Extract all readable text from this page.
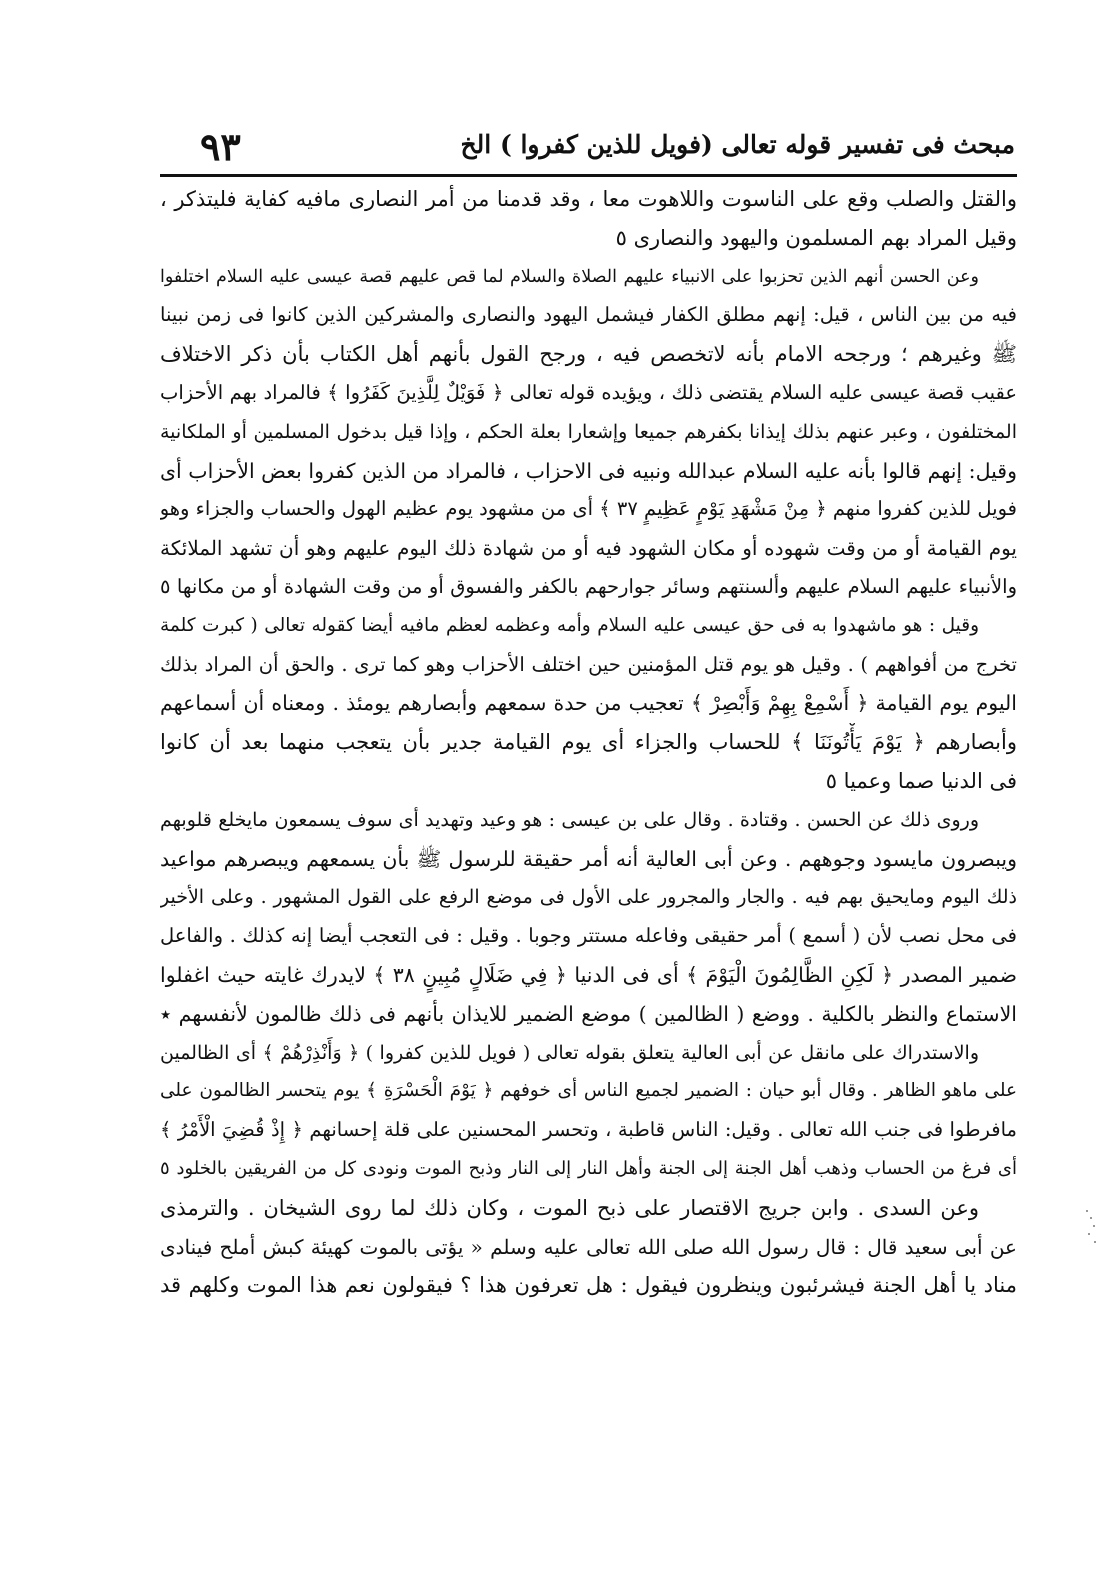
مبحث فى تفسير قوله تعالى (فويل للذين كفروا ) الخ
٩٣
والقتل والصلب وقع على الناسوت واللاهوت معا ، وقد قدمنا من أمر النصارى مافيه كفاية فليتذكر ،
وقيل المراد بهم المسلمون واليهود والنصارى ٥
وعن الحسن أنهم الذين تحزبوا على الانبياء عليهم الصلاة والسلام لما قص عليهم قصة عيسى عليه السلام اختلفوا
فيه من بين الناس ، قيل: إنهم مطلق الكفار فيشمل اليهود والنصارى والمشركين الذين كانوا فى زمن نبينا
ﷺ وغيرهم ؛ ورجحه الامام بأنه لاتخصص فيه ، ورجح القول بأنهم أهل الكتاب بأن ذكر الاختلاف
عقيب قصة عيسى عليه السلام يقتضى ذلك ، ويؤيده قوله تعالى ﴿ فَوَيْلٌ لِلَّذِينَ كَفَرُوا ﴾ فالمراد بهم الأحزاب
المختلفون ، وعبر عنهم بذلك إيذانا بكفرهم جميعا وإشعارا بعلة الحكم ، وإذا قيل بدخول المسلمين أو الملكانية
وقيل: إنهم قالوا بأنه عليه السلام عبدالله ونبيه فى الاحزاب ، فالمراد من الذين كفروا بعض الأحزاب أى
فويل للذين كفروا منهم ﴿ مِنْ مَشْهَدِ يَوْمٍ عَظِيمٍ ٣٧ ﴾ أى من مشهود يوم عظيم الهول والحساب والجزاء وهو
يوم القيامة أو من وقت شهوده أو مكان الشهود فيه أو من شهادة ذلك اليوم عليهم وهو أن تشهد الملائكة
والأنبياء عليهم السلام عليهم وألسنتهم وسائر جوارحهم بالكفر والفسوق أو من وقت الشهادة أو من مكانها ٥
وقيل : هو ماشهدوا به فى حق عيسى عليه السلام وأمه وعظمه لعظم مافيه أيضا كقوله تعالى ( كبرت كلمة
تخرج من أفواههم ) . وقيل هو يوم قتل المؤمنين حين اختلف الأحزاب وهو كما ترى . والحق أن المراد بذلك
اليوم يوم القيامة ﴿ أَسْمِعْ بِهِمْ وَأَبْصِرْ ﴾ تعجيب من حدة سمعهم وأبصارهم يومئذ . ومعناه أن أسماعهم
وأبصارهم ﴿ يَوْمَ يَأْتُونَنَا ﴾ للحساب والجزاء أى يوم القيامة جدير بأن يتعجب منهما بعد أن كانوا
فى الدنيا صما وعميا ٥
وروى ذلك عن الحسن . وقتادة . وقال على بن عيسى : هو وعيد وتهديد أى سوف يسمعون مايخلع قلوبهم
ويبصرون مايسود وجوههم . وعن أبى العالية أنه أمر حقيقة للرسول ﷺ بأن يسمعهم ويبصرهم مواعيد
ذلك اليوم ومايحيق بهم فيه . والجار والمجرور على الأول فى موضع الرفع على القول المشهور . وعلى الأخير
فى محل نصب لأن ( أسمع ) أمر حقيقى وفاعله مستتر وجوبا . وقيل : فى التعجب أيضا إنه كذلك . والفاعل
ضمير المصدر ﴿ لَكِنِ الظَّالِمُونَ الْيَوْمَ ﴾ أى فى الدنيا ﴿ فِي ضَلَالٍ مُبِينٍ ٣٨ ﴾ لايدرك غايته حيث اغفلوا
الاستماع والنظر بالكلية . ووضع ( الظالمين ) موضع الضمير للايذان بأنهم فى ذلك ظالمون لأنفسهم ٭
والاستدراك على مانقل عن أبى العالية يتعلق بقوله تعالى ( فويل للذين كفروا ) ﴿ وَأَنْذِرْهُمْ ﴾ أى الظالمين
على ماهو الظاهر . وقال أبو حيان : الضمير لجميع الناس أى خوفهم ﴿ يَوْمَ الْحَسْرَةِ ﴾ يوم يتحسر الظالمون على
مافرطوا فى جنب الله تعالى . وقيل: الناس قاطبة ، وتحسر المحسنين على قلة إحسانهم ﴿ إِذْ قُضِيَ الْأَمْرُ ﴾
أى فرغ من الحساب وذهب أهل الجنة إلى الجنة وأهل النار إلى النار وذبح الموت ونودى كل من الفريقين بالخلود ٥
وعن السدى . وابن جريج الاقتصار على ذبح الموت ، وكان ذلك لما روى الشيخان . والترمذى
عن أبى سعيد قال : قال رسول الله صلى الله تعالى عليه وسلم « يؤتى بالموت كهيئة كبش أملح فينادى
مناد يا أهل الجنة فيشرئبون وينظرون فيقول : هل تعرفون هذا ؟ فيقولون نعم هذا الموت وكلهم قد
